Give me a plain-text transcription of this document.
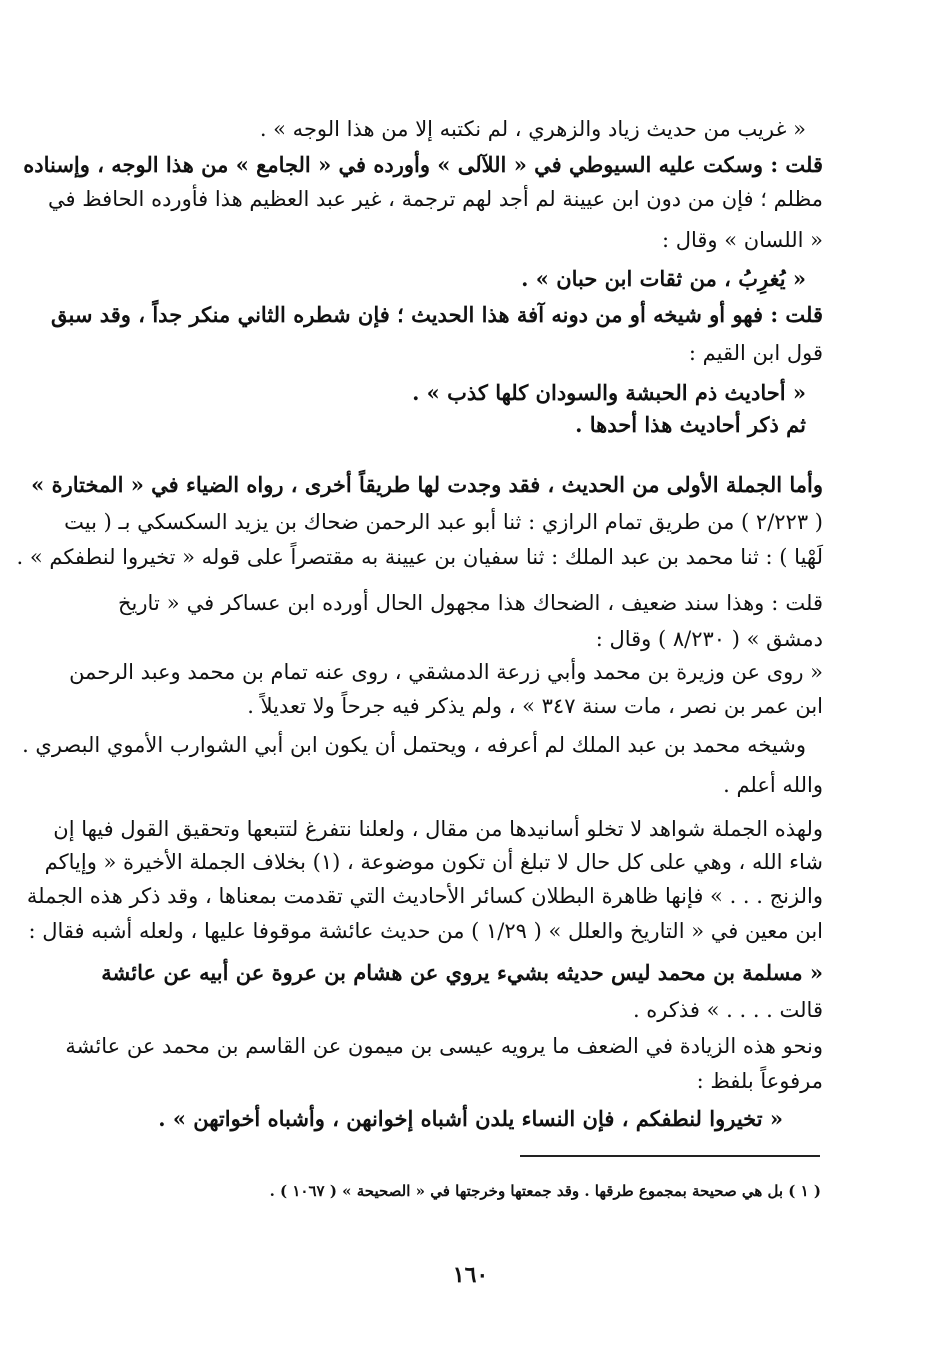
« غريب من حديث زياد والزهري ، لم نكتبه إلا من هذا الوجه » .
قلت : وسكت عليه السيوطي في « اللآلى » وأورده في « الجامع » من هذا الوجه ، وإسناده
مظلم ؛ فإن من دون ابن عيينة لم أجد لهم ترجمة ، غير عبد العظيم هذا فأورده الحافظ في
« اللسان » وقال :
« يُغرِبُ ، من ثقات ابن حبان » .
قلت : فهو أو شيخه أو من دونه آفة هذا الحديث ؛ فإن شطره الثاني منكر جداً ، وقد سبق
قول ابن القيم :
« أحاديث ذم الحبشة والسودان كلها كذب » .
ثم ذكر أحاديث هذا أحدها .
وأما الجملة الأولى من الحديث ، فقد وجدت لها طريقاً أخرى ، رواه الضياء في « المختارة »
( ٢/٢٢٣ ) من طريق تمام الرازي : ثنا أبو عبد الرحمن ضحاك بن يزيد السكسكي بـ ( بيت
لَهْيا ) : ثنا محمد بن عبد الملك : ثنا سفيان بن عيينة به مقتصراً على قوله « تخيروا لنطفكم » .
قلت : وهذا سند ضعيف ، الضحاك هذا مجهول الحال أورده ابن عساكر في « تاريخ
دمشق » ( ٨/٢٣٠ ) وقال :
« روى عن وزيرة بن محمد وأبي زرعة الدمشقي ، روى عنه تمام بن محمد وعبد الرحمن
ابن عمر بن نصر ، مات سنة ٣٤٧ » ، ولم يذكر فيه جرحاً ولا تعديلاً .
وشيخه محمد بن عبد الملك لم أعرفه ، ويحتمل أن يكون ابن أبي الشوارب الأموي البصري .
والله أعلم .
ولهذه الجملة شواهد لا تخلو أسانيدها من مقال ، ولعلنا نتفرغ لتتبعها وتحقيق القول فيها إن
شاء الله ، وهي على كل حال لا تبلغ أن تكون موضوعة ، (١) بخلاف الجملة الأخيرة « وإياكم
والزنج . . . » فإنها ظاهرة البطلان كسائر الأحاديث التي تقدمت بمعناها ، وقد ذكر هذه الجملة
ابن معين في « التاريخ والعلل » ( ١/٢٩ ) من حديث عائشة موقوفا عليها ، ولعله أشبه فقال :
« مسلمة بن محمد ليس حديثه بشيء يروي عن هشام بن عروة عن أبيه عن عائشة
قالت . . . . » فذكره .
ونحو هذه الزيادة في الضعف ما يرويه عيسى بن ميمون عن القاسم بن محمد عن عائشة
مرفوعاً بلفظ :
« تخيروا لنطفكم ، فإن النساء يلدن أشباه إخوانهن ، وأشباه أخواتهن » .
( ١ ) بل هي صحيحة بمجموع طرقها . وقد جمعتها وخرجتها في « الصحيحة » ( ١٠٦٧ ) .
١٦٠
